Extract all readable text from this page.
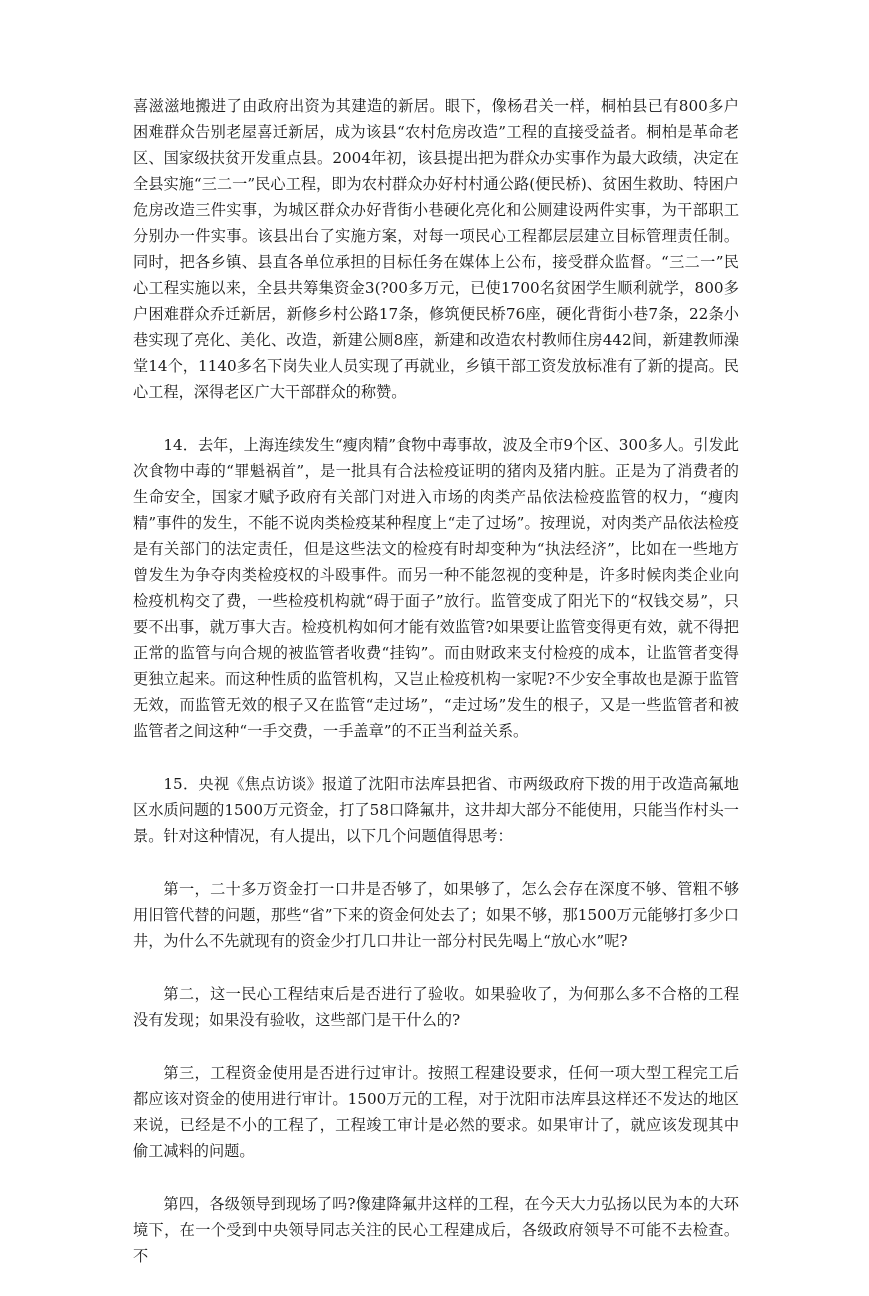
喜滋滋地搬进了由政府出资为其建造的新居。眼下，像杨君关一样，桐柏县已有800多户困难群众告别老屋喜迁新居，成为该县“农村危房改造”工程的直接受益者。桐柏是革命老区、国家级扶贫开发重点县。2004年初，该县提出把为群众办实事作为最大政绩，决定在全县实施“三二一”民心工程，即为农村群众办好村村通公路(便民桥)、贫困生救助、特困户危房改造三件实事，为城区群众办好背街小巷硬化亮化和公厕建设两件实事，为干部职工分别办一件实事。该县出台了实施方案，对每一项民心工程都层层建立目标管理责任制。同时，把各乡镇、县直各单位承担的目标任务在媒体上公布，接受群众监督。“三二一”民心工程实施以来，全县共筹集资金3(?00多万元，已使1700名贫困学生顺利就学，800多户困难群众乔迁新居，新修乡村公路17条，修筑便民桥76座，硬化背街小巷7条，22条小巷实现了亮化、美化、改造，新建公厕8座，新建和改造农村教师住房442间，新建教师澡堂14个，1140多名下岗失业人员实现了再就业，乡镇干部工资发放标准有了新的提高。民心工程，深得老区广大干部群众的称赞。

14．去年，上海连续发生“瘦肉精”食物中毒事故，波及全市9个区、300多人。引发此次食物中毒的“罪魁祸首”，是一批具有合法检疫证明的猪肉及猪内脏。正是为了消费者的生命安全，国家才赋予政府有关部门对进入市场的肉类产品依法检疫监管的权力，“瘦肉精”事件的发生，不能不说肉类检疫某种程度上“走了过场”。按理说，对肉类产品依法检疫是有关部门的法定责任，但是这些法文的检疫有时却变种为“执法经济”，比如在一些地方曾发生为争夺肉类检疫权的斗殴事件。而另一种不能忽视的变种是，许多时候肉类企业向检疫机构交了费，一些检疫机构就“碍于面子”放行。监管变成了阳光下的“权钱交易”，只要不出事，就万事大吉。检疫机构如何才能有效监管?如果要让监管变得更有效，就不得把正常的监管与向合规的被监管者收费“挂钩”。而由财政来支付检疫的成本，让监管者变得更独立起来。而这种性质的监管机构，又岂止检疫机构一家呢?不少安全事故也是源于监管无效，而监管无效的根子又在监管“走过场”，“走过场”发生的根子，又是一些监管者和被监管者之间这种“一手交费，一手盖章”的不正当利益关系。

15．央视《焦点访谈》报道了沈阳市法库县把省、市两级政府下拨的用于改造高氟地区水质问题的1500万元资金，打了58口降氟井，这井却大部分不能使用，只能当作村头一景。针对这种情况，有人提出，以下几个问题值得思考：

第一，二十多万资金打一口井是否够了，如果够了，怎么会存在深度不够、管粗不够用旧管代替的问题，那些“省”下来的资金何处去了；如果不够，那1500万元能够打多少口井，为什么不先就现有的资金少打几口井让一部分村民先喝上“放心水”呢?

第二，这一民心工程结束后是否进行了验收。如果验收了，为何那么多不合格的工程没有发现；如果没有验收，这些部门是干什么的?

第三，工程资金使用是否进行过审计。按照工程建设要求，任何一项大型工程完工后都应该对资金的使用进行审计。1500万元的工程，对于沈阳市法库县这样还不发达的地区来说，已经是不小的工程了，工程竣工审计是必然的要求。如果审计了，就应该发现其中偷工减料的问题。

第四，各级领导到现场了吗?像建降氟井这样的工程，在今天大力弘扬以民为本的大环境下，在一个受到中央领导同志关注的民心工程建成后，各级政府领导不可能不去检查。不
